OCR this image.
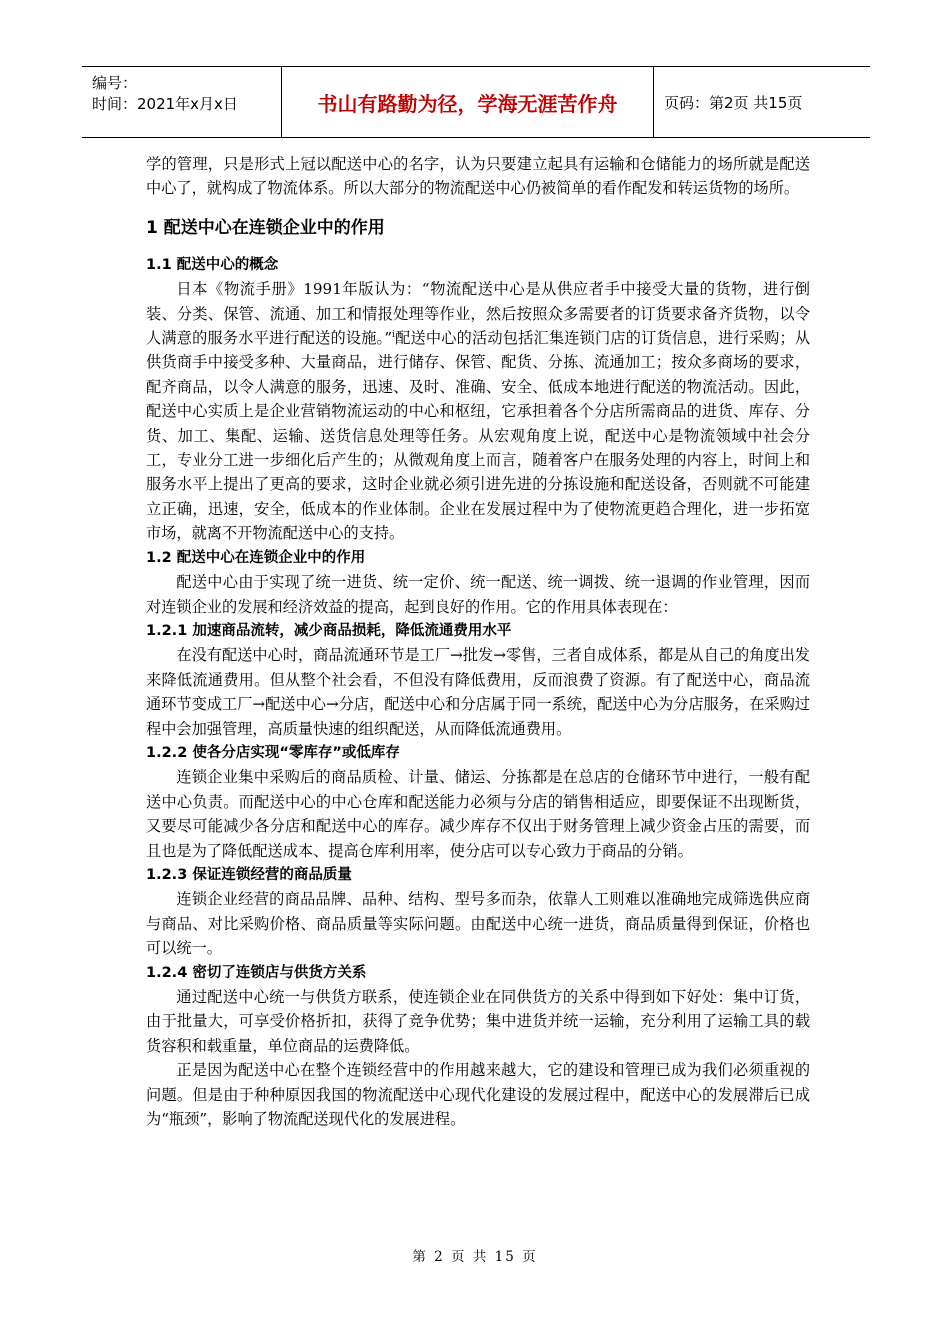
编号：
时间：2021年x月x日	书山有路勤为径，学海无涯苦作舟	页码：第2页 共15页

学的管理，只是形式上冠以配送中心的名字，认为只要建立起具有运输和仓储能力的场所就是配送中心了，就构成了物流体系。所以大部分的物流配送中心仍被简单的看作配发和转运货物的场所。

1 配送中心在连锁企业中的作用
1.1 配送中心的概念

日本《物流手册》1991年版认为：“物流配送中心是从供应者手中接受大量的货物，进行倒装、分类、保管、流通、加工和情报处理等作业，然后按照众多需要者的订货要求备齐货物，以令人满意的服务水平进行配送的设施。”$^i$配送中心的活动包括汇集连锁门店的订货信息，进行采购；从供货商手中接受多种、大量商品，进行储存、保管、配货、分拣、流通加工；按众多商场的要求，配齐商品，以令人满意的服务，迅速、及时、准确、安全、低成本地进行配送的物流活动。因此，配送中心实质上是企业营销物流运动的中心和枢纽，它承担着各个分店所需商品的进货、库存、分货、加工、集配、运输、送货信息处理等任务。从宏观角度上说，配送中心是物流领域中社会分工，专业分工进一步细化后产生的；从微观角度上而言，随着客户在服务处理的内容上，时间上和服务水平上提出了更高的要求，这时企业就必须引进先进的分拣设施和配送设备，否则就不可能建立正确，迅速，安全，低成本的作业体制。企业在发展过程中为了使物流更趋合理化，进一步拓宽市场，就离不开物流配送中心的支持。

1.2 配送中心在连锁企业中的作用

配送中心由于实现了统一进货、统一定价、统一配送、统一调拨、统一退调的作业管理，因而对连锁企业的发展和经济效益的提高，起到良好的作用。它的作用具体表现在：

1.2.1 加速商品流转，减少商品损耗，降低流通费用水平

在没有配送中心时，商品流通环节是工厂→批发→零售，三者自成体系，都是从自己的角度出发来降低流通费用。但从整个社会看，不但没有降低费用，反而浪费了资源。有了配送中心，商品流通环节变成工厂→配送中心→分店，配送中心和分店属于同一系统，配送中心为分店服务，在采购过程中会加强管理，高质量快速的组织配送，从而降低流通费用。

1.2.2 使各分店实现“零库存”或低库存

连锁企业集中采购后的商品质检、计量、储运、分拣都是在总店的仓储环节中进行，一般有配送中心负责。而配送中心的中心仓库和配送能力必须与分店的销售相适应，即要保证不出现断货，又要尽可能减少各分店和配送中心的库存。减少库存不仅出于财务管理上减少资金占压的需要，而且也是为了降低配送成本、提高仓库利用率，使分店可以专心致力于商品的分销。

1.2.3 保证连锁经营的商品质量

连锁企业经营的商品品牌、品种、结构、型号多而杂，依靠人工则难以准确地完成筛选供应商与商品、对比采购价格、商品质量等实际问题。由配送中心统一进货，商品质量得到保证，价格也可以统一。

1.2.4 密切了连锁店与供货方关系

通过配送中心统一与供货方联系，使连锁企业在同供货方的关系中得到如下好处：集中订货，由于批量大，可享受价格折扣，获得了竞争优势；集中进货并统一运输，充分利用了运输工具的载货容积和载重量，单位商品的运费降低。

正是因为配送中心在整个连锁经营中的作用越来越大，它的建设和管理已成为我们必须重视的问题。但是由于种种原因我国的物流配送中心现代化建设的发展过程中，配送中心的发展滞后已成为“瓶颈”，影响了物流配送现代化的发展进程。

第 2 页 共 15 页
